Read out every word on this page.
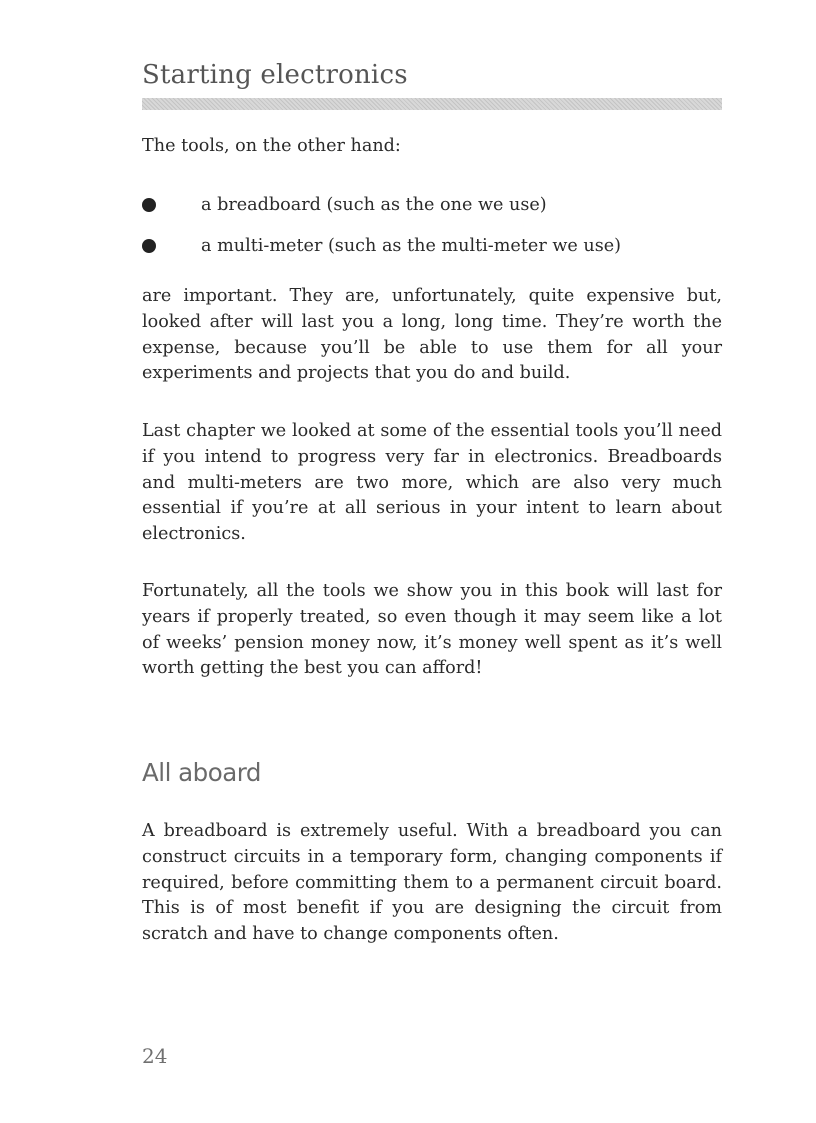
Starting electronics

The tools, on the other hand:

a breadboard (such as the one we use)
a multi-meter (such as the multi-meter we use)

are important. They are, unfortunately, quite expensive but, looked after will last you a long, long time. They’re worth the expense, because you’ll be able to use them for all your experiments and projects that you do and build.

Last chapter we looked at some of the essential tools you’ll need if you intend to progress very far in electronics. Breadboards and multi-meters are two more, which are also very much essential if you’re at all serious in your intent to learn about electronics.

Fortunately, all the tools we show you in this book will last for years if properly treated, so even though it may seem like a lot of weeks’ pension money now, it’s money well spent as it’s well worth getting the best you can afford!

All aboard

A breadboard is extremely useful. With a breadboard you can construct circuits in a temporary form, changing components if required, before committing them to a permanent circuit board. This is of most benefit if you are designing the circuit from scratch and have to change components often.

24
